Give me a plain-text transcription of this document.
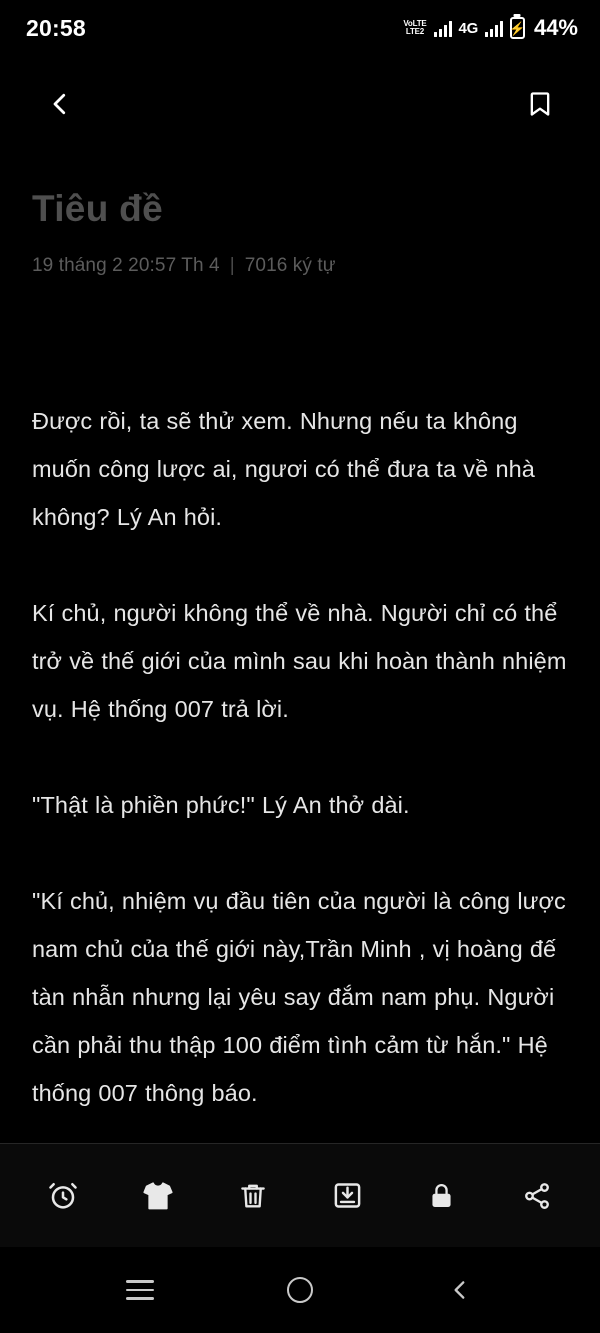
20:58	VoLTE
LTE2 4G ⚡ 44%
Tiêu đề
19 tháng 2 20:57 Th 4 | 7016 ký tự

Được rồi, ta sẽ thử xem. Nhưng nếu ta không muốn công lược ai, ngươi có thể đưa ta về nhà không? Lý An hỏi.

Kí chủ, người không thể về nhà. Người chỉ có thể trở về thế giới của mình sau khi hoàn thành nhiệm vụ. Hệ thống 007 trả lời.

"Thật là phiền phức!" Lý An thở dài.

"Kí chủ, nhiệm vụ đầu tiên của người là công lược nam chủ của thế giới này,Trần Minh , vị hoàng đế tàn nhẫn nhưng lại yêu say đắm nam phụ. Người cần phải thu thập 100 điểm tình cảm từ hắn." Hệ thống 007 thông báo.
